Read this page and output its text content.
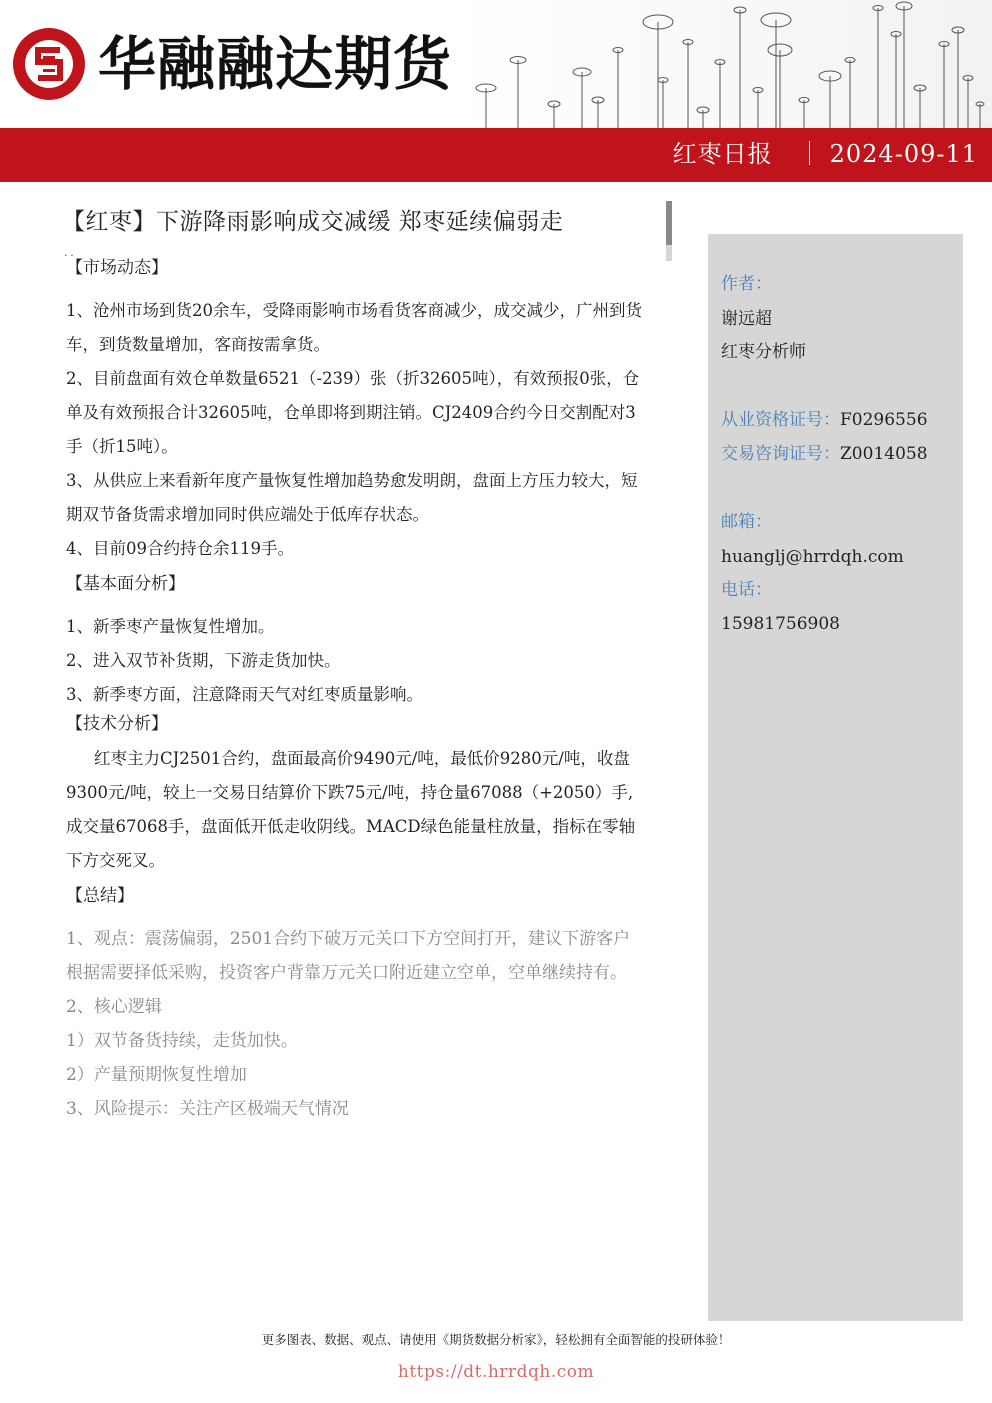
华融融达期货
红枣日报 2024-09-11
【红枣】下游降雨影响成交减缓 郑枣延续偏弱走
. .
【市场动态】

1、沧州市场到货20余车，受降雨影响市场看货客商减少，成交减少，广州到货车，到货数量增加，客商按需拿货。

2、目前盘面有效仓单数量6521（-239）张（折32605吨），有效预报0张，仓单及有效预报合计32605吨，仓单即将到期注销。CJ2409合约今日交割配对3手（折15吨）。

3、从供应上来看新年度产量恢复性增加趋势愈发明朗，盘面上方压力较大，短期双节备货需求增加同时供应端处于低库存状态。

4、目前09合约持仓余119手。

【基本面分析】

1、新季枣产量恢复性增加。

2、进入双节补货期，下游走货加快。

3、新季枣方面，注意降雨天气对红枣质量影响。

【技术分析】

红枣主力CJ2501合约，盘面最高价9490元/吨，最低价9280元/吨，收盘9300元/吨，较上一交易日结算价下跌75元/吨，持仓量67088（+2050）手,成交量67068手，盘面低开低走收阴线。MACD绿色能量柱放量，指标在零轴下方交死叉。

【总结】

1、观点：震荡偏弱，2501合约下破万元关口下方空间打开，建议下游客户根据需要择低采购，投资客户背靠万元关口附近建立空单，空单继续持有。

2、核心逻辑

1）双节备货持续，走货加快。

2）产量预期恢复性增加

3、风险提示：关注产区极端天气情况

作者：
谢远超
红枣分析师
从业资格证号：F0296556
交易咨询证号：Z0014058
邮箱：
huanglj@hrrdqh.com
电话：
15981756908
更多图表、数据、观点、请使用《期货数据分析家》，轻松拥有全面智能的投研体验！
https://dt.hrrdqh.com
